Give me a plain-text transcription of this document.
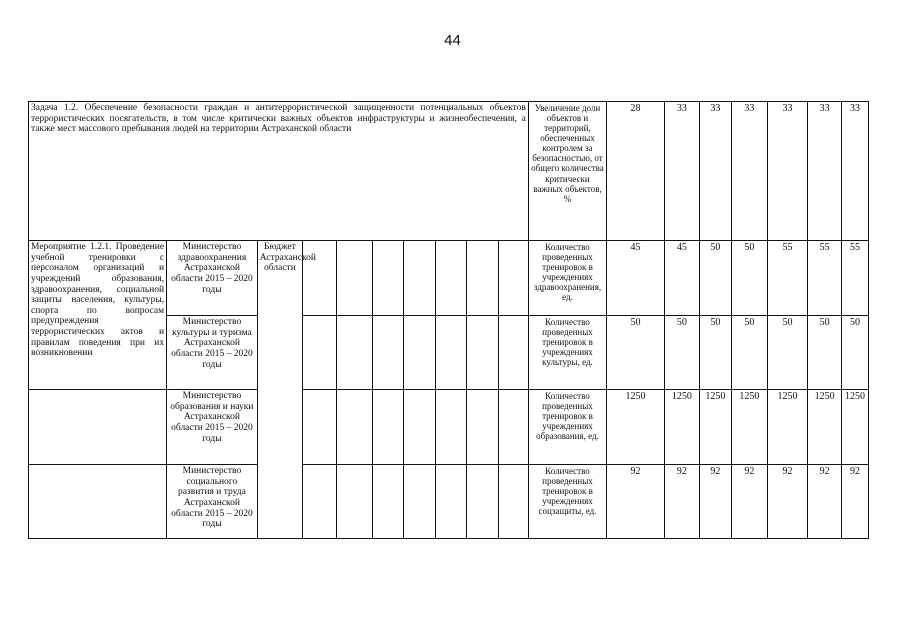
44
Задача 1.2. Обеспечение безопасности граждан и антитеррористической защищенности потенциальных объектов террористических посягательств, в том числе критически важных объектов инфраструктуры и жизнеобеспечения, а также мест массового пребывания людей на территории Астраханской области										Увеличение доли объектов и территорий, обеспеченных контролем за безопасностью, от общего количества критически важных объектов, %	28	33	33	33	33	33	33
Мероприятие 1.2.1. Проведение учебной тренировки с персоналом организаций и учреждений образования, здравоохранения, социальной защиты населения, культуры, спорта по вопросам предупреждения террористических актов и правилам поведения при их возникновении	Министерство здравоохранения Астраханской области 2015 – 2020 годы	Бюджет Астраханской области								Количество проведенных тренировок в учреждениях здравоохранения, ед.	45	45	50	50	55	55	55
	Министерство культуры и туризма Астраханской области 2015 – 2020 годы									Количество проведенных тренировок в учреждениях культуры, ед.	50	50	50	50	50	50	50
	Министерство образования и науки Астраханской области 2015 – 2020 годы									Количество проведенных тренировок в учреждениях образования, ед.	1250	1250	1250	1250	1250	1250	1250
	Министерство социального развития и труда Астраханской области 2015 – 2020 годы									Количество проведенных тренировок в учреждениях соцзащиты, ед.	92	92	92	92	92	92	92
